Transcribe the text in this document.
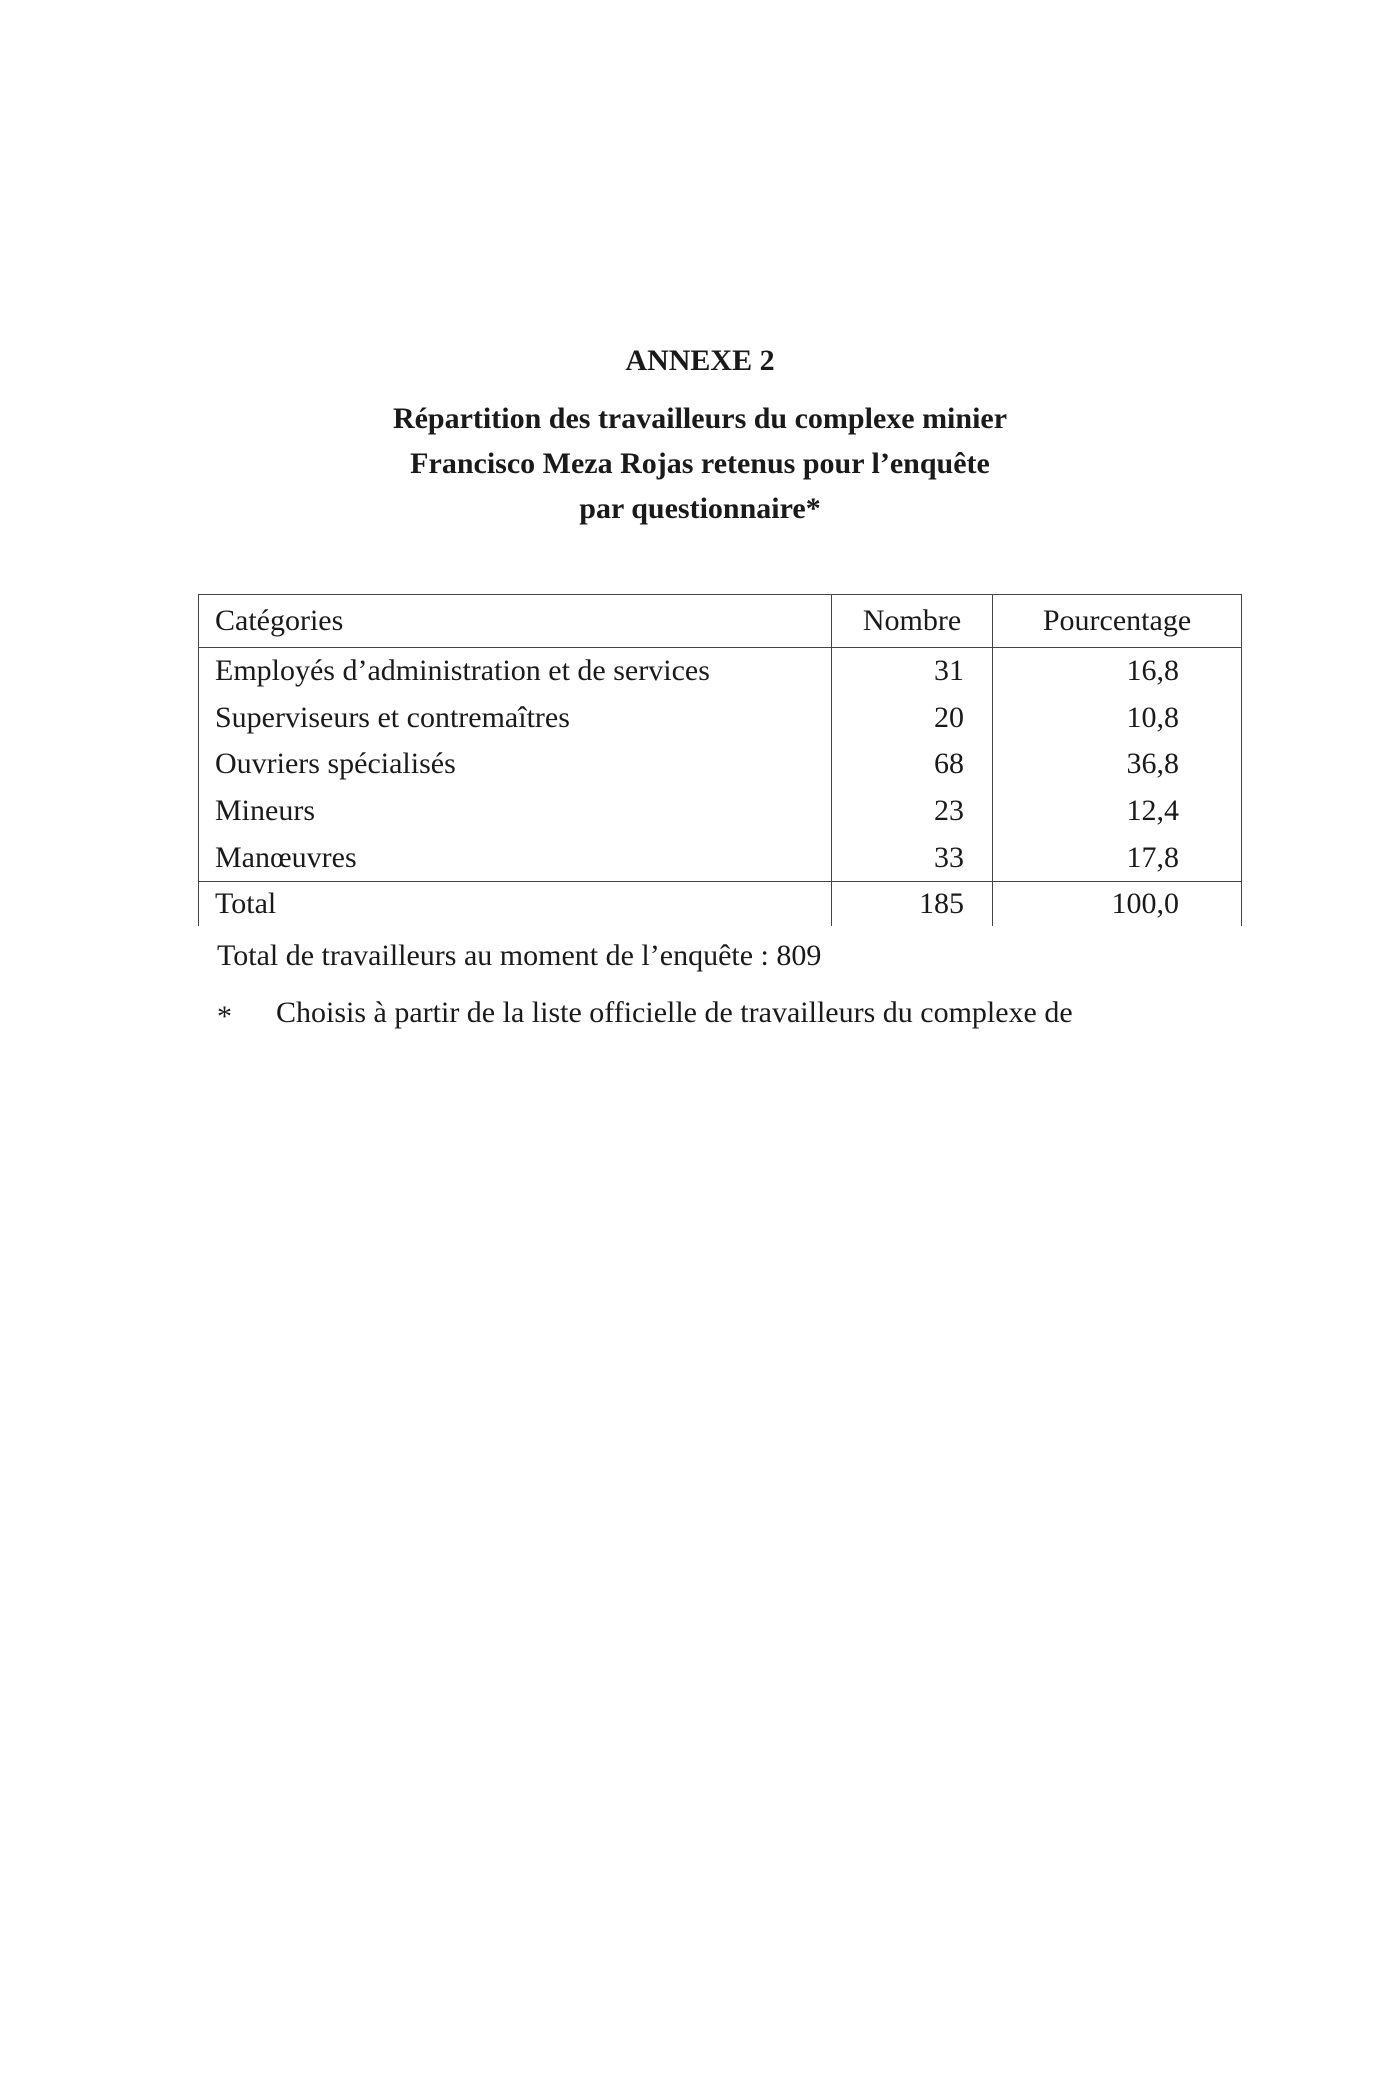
ANNEXE 2
Répartition des travailleurs du complexe minier
Francisco Meza Rojas retenus pour l’enquête
par questionnaire*
Catégories	Nombre	Pourcentage
Employés d’administration et de services	31	16,8
Superviseurs et contremaîtres	20	10,8
Ouvriers spécialisés	68	36,8
Mineurs	23	12,4
Manœuvres	33	17,8
Total	185	100,0
Total de travailleurs au moment de l’enquête : 809
* Choisis à partir de la liste officielle de travailleurs du complexe de
